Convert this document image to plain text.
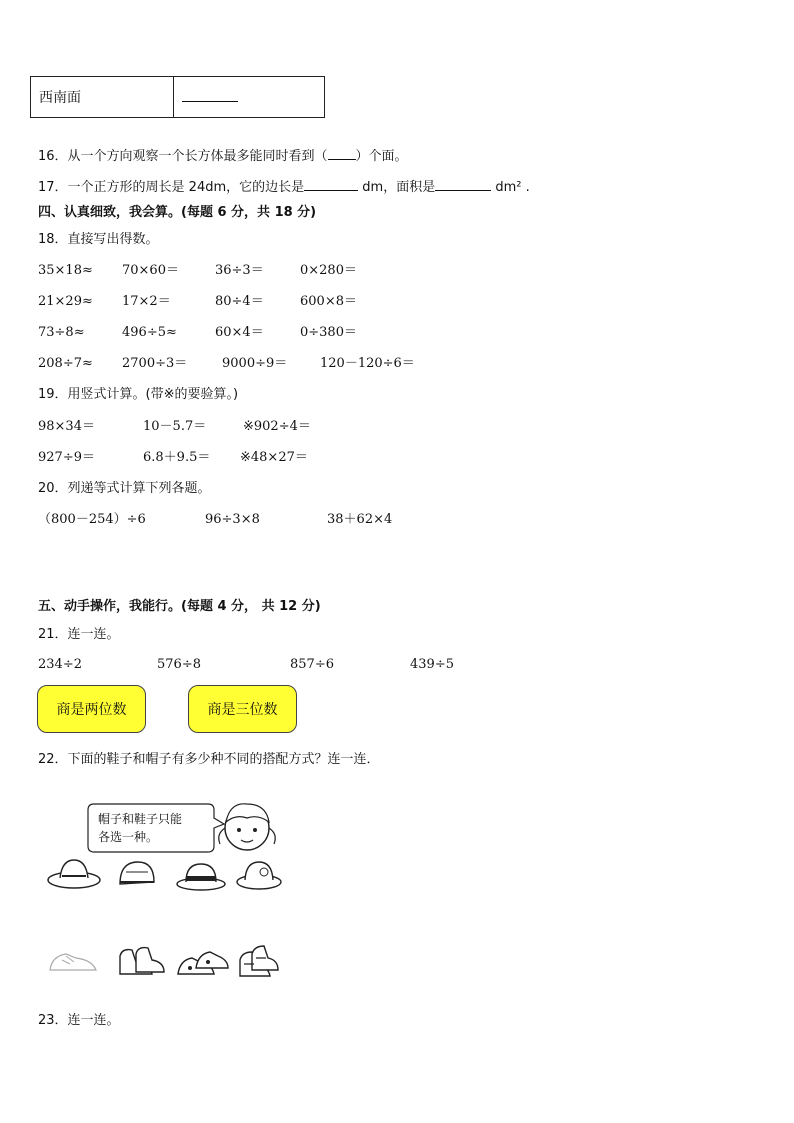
西南面	
16．从一个方向观察一个长方体最多能同时看到（ ）个面。
17．一个正方形的周长是 24dm，它的边长是	dm，面积是	dm² .
四、认真细致，我会算。(每题 6 分，共 18 分)
18．直接写出得数。
35×18≈ 70×60＝	36÷3＝	0×280＝
21×29≈ 17×2＝	80÷4＝	600×8＝
73÷8≈	496÷5≈	60×4＝	0÷380＝
208÷7≈ 2700÷3＝	9000÷9＝	120－120÷6＝
19．用竖式计算。(带※的要验算。)
98×34＝	10－5.7＝	※902÷4＝
927÷9＝	6.8＋9.5＝ ※48×27＝
20．列递等式计算下列各题。
（800－254）÷6	96÷3×8	38＋62×4
五、动手操作，我能行。(每题 4 分， 共 12 分)
21．连一连。
234÷2	576÷8	857÷6	439÷5
商是两位数	商是三位数
22．下面的鞋子和帽子有多少种不同的搭配方式？连一连．
帽子和鞋子只能
各选一种。
23．连一连。
